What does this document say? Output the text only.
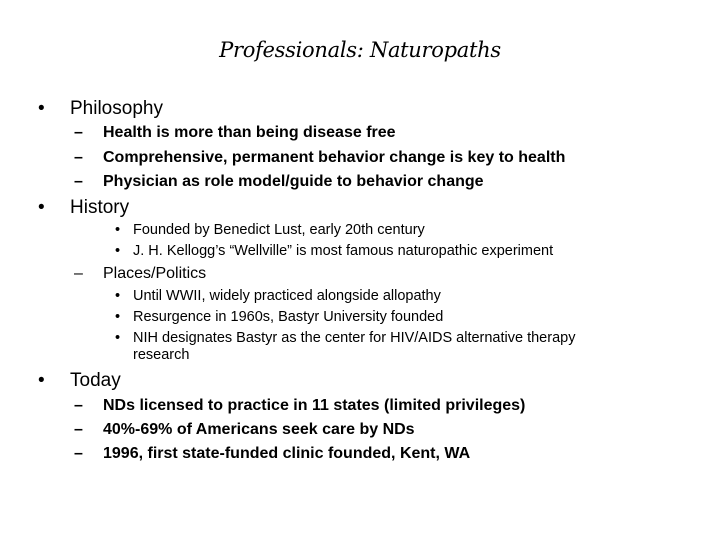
Professionals: Naturopaths
• Philosophy
– Health is more than being disease free
– Comprehensive, permanent behavior change is key to health
– Physician as role model/guide to behavior change
• History
• Founded by Benedict Lust, early 20th century
• J. H. Kellogg’s “Wellville” is most famous naturopathic experiment
– Places/Politics
• Until WWII, widely practiced alongside allopathy
• Resurgence in 1960s, Bastyr University founded
• NIH designates Bastyr as the center for HIV/AIDS alternative therapy
research
• Today
– NDs licensed to practice in 11 states (limited privileges)
– 40%-69% of Americans seek care by NDs
– 1996, first state-funded clinic founded, Kent, WA
